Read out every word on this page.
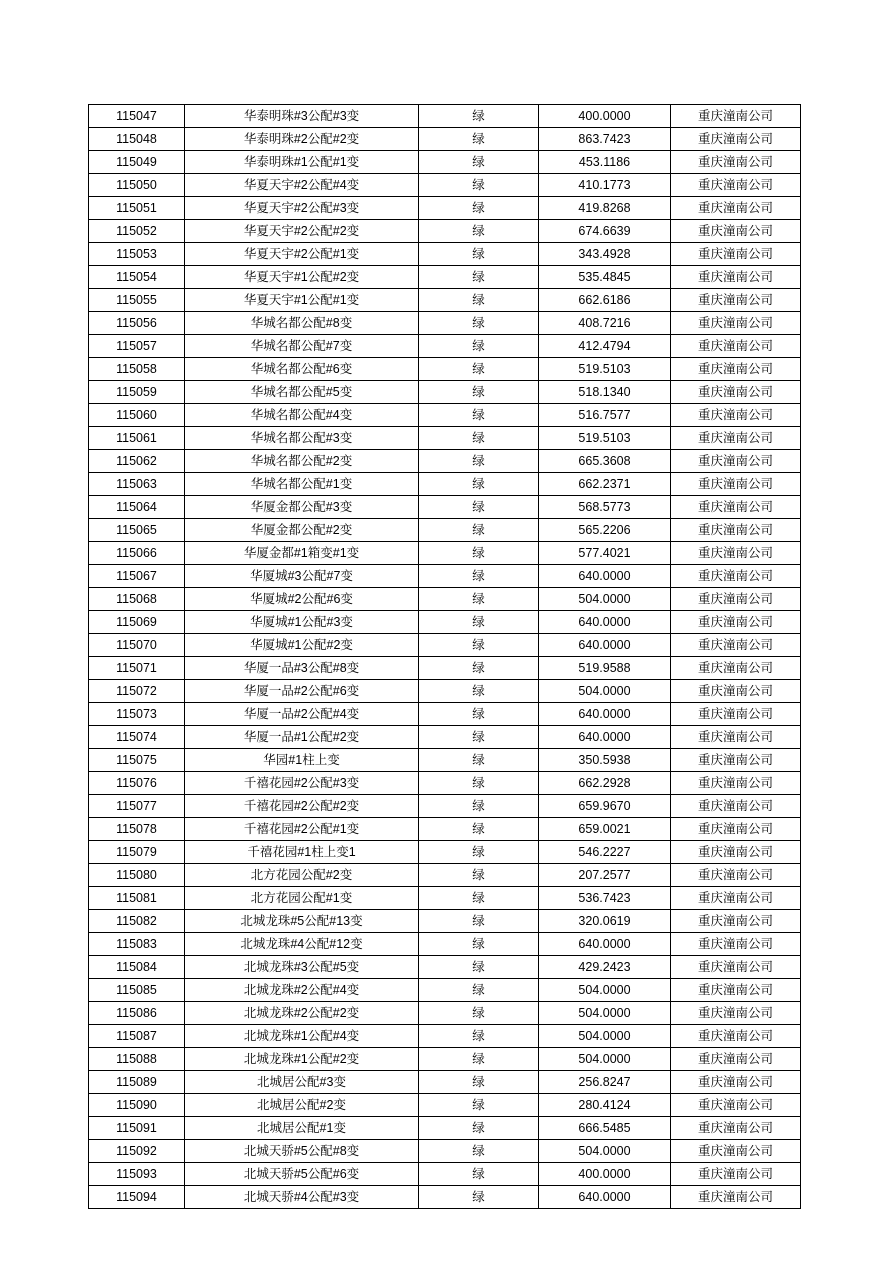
115047	华泰明珠#3公配#3变	绿	400.0000	重庆潼南公司
115048	华泰明珠#2公配#2变	绿	863.7423	重庆潼南公司
115049	华泰明珠#1公配#1变	绿	453.1186	重庆潼南公司
115050	华夏天宇#2公配#4变	绿	410.1773	重庆潼南公司
115051	华夏天宇#2公配#3变	绿	419.8268	重庆潼南公司
115052	华夏天宇#2公配#2变	绿	674.6639	重庆潼南公司
115053	华夏天宇#2公配#1变	绿	343.4928	重庆潼南公司
115054	华夏天宇#1公配#2变	绿	535.4845	重庆潼南公司
115055	华夏天宇#1公配#1变	绿	662.6186	重庆潼南公司
115056	华城名都公配#8变	绿	408.7216	重庆潼南公司
115057	华城名都公配#7变	绿	412.4794	重庆潼南公司
115058	华城名都公配#6变	绿	519.5103	重庆潼南公司
115059	华城名都公配#5变	绿	518.1340	重庆潼南公司
115060	华城名都公配#4变	绿	516.7577	重庆潼南公司
115061	华城名都公配#3变	绿	519.5103	重庆潼南公司
115062	华城名都公配#2变	绿	665.3608	重庆潼南公司
115063	华城名都公配#1变	绿	662.2371	重庆潼南公司
115064	华厦金都公配#3变	绿	568.5773	重庆潼南公司
115065	华厦金都公配#2变	绿	565.2206	重庆潼南公司
115066	华厦金都#1箱变#1变	绿	577.4021	重庆潼南公司
115067	华厦城#3公配#7变	绿	640.0000	重庆潼南公司
115068	华厦城#2公配#6变	绿	504.0000	重庆潼南公司
115069	华厦城#1公配#3变	绿	640.0000	重庆潼南公司
115070	华厦城#1公配#2变	绿	640.0000	重庆潼南公司
115071	华厦一品#3公配#8变	绿	519.9588	重庆潼南公司
115072	华厦一品#2公配#6变	绿	504.0000	重庆潼南公司
115073	华厦一品#2公配#4变	绿	640.0000	重庆潼南公司
115074	华厦一品#1公配#2变	绿	640.0000	重庆潼南公司
115075	华园#1柱上变	绿	350.5938	重庆潼南公司
115076	千禧花园#2公配#3变	绿	662.2928	重庆潼南公司
115077	千禧花园#2公配#2变	绿	659.9670	重庆潼南公司
115078	千禧花园#2公配#1变	绿	659.0021	重庆潼南公司
115079	千禧花园#1柱上变1	绿	546.2227	重庆潼南公司
115080	北方花园公配#2变	绿	207.2577	重庆潼南公司
115081	北方花园公配#1变	绿	536.7423	重庆潼南公司
115082	北城龙珠#5公配#13变	绿	320.0619	重庆潼南公司
115083	北城龙珠#4公配#12变	绿	640.0000	重庆潼南公司
115084	北城龙珠#3公配#5变	绿	429.2423	重庆潼南公司
115085	北城龙珠#2公配#4变	绿	504.0000	重庆潼南公司
115086	北城龙珠#2公配#2变	绿	504.0000	重庆潼南公司
115087	北城龙珠#1公配#4变	绿	504.0000	重庆潼南公司
115088	北城龙珠#1公配#2变	绿	504.0000	重庆潼南公司
115089	北城居公配#3变	绿	256.8247	重庆潼南公司
115090	北城居公配#2变	绿	280.4124	重庆潼南公司
115091	北城居公配#1变	绿	666.5485	重庆潼南公司
115092	北城天骄#5公配#8变	绿	504.0000	重庆潼南公司
115093	北城天骄#5公配#6变	绿	400.0000	重庆潼南公司
115094	北城天骄#4公配#3变	绿	640.0000	重庆潼南公司
